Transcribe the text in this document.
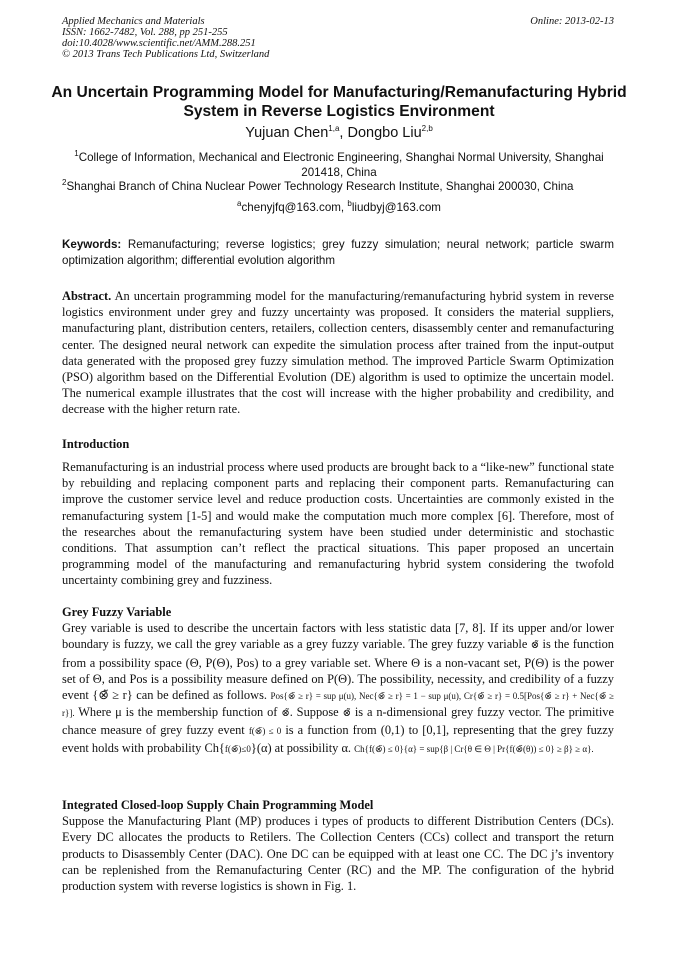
Applied Mechanics and Materials
ISSN: 1662-7482, Vol. 288, pp 251-255
doi:10.4028/www.scientific.net/AMM.288.251
© 2013 Trans Tech Publications Ltd, Switzerland
Online: 2013-02-13
An Uncertain Programming Model for Manufacturing/Remanufacturing Hybrid System in Reverse Logistics Environment
Yujuan Chen$^{1,a}$, Dongbo Liu$^{2,b}$
$^1$College of Information, Mechanical and Electronic Engineering, Shanghai Normal University, Shanghai 201418, China
$^2$Shanghai Branch of China Nuclear Power Technology Research Institute, Shanghai 200030, China
$^a$chenyjfq@163.com, $^b$liudbyj@163.com
Keywords: Remanufacturing; reverse logistics; grey fuzzy simulation; neural network; particle swarm optimization algorithm; differential evolution algorithm
Abstract. An uncertain programming model for the manufacturing/remanufacturing hybrid system in reverse logistics environment under grey and fuzzy uncertainty was proposed. It considers the material suppliers, manufacturing plant, distribution centers, retailers, collection centers, disassembly center and remanufacturing center. The designed neural network can expedite the simulation process after trained from the input-output data generated with the proposed grey fuzzy simulation method. The improved Particle Swarm Optimization (PSO) algorithm based on the Differential Evolution (DE) algorithm is used to optimize the uncertain model. The numerical example illustrates that the cost will increase with the higher probability and credibility, and decrease with the higher return rate.
Introduction
Remanufacturing is an industrial process where used products are brought back to a “like-new” functional state by rebuilding and replacing component parts and replacing their component parts. Remanufacturing can improve the customer service level and reduce production costs. Uncertainties are commonly existed in the remanufacturing system [1-5] and would make the computation much more complex [6]. Therefore, most of the researches about the remanufacturing system have been studied under deterministic and stochastic conditions. That assumption can’t reflect the practical situations. This paper proposed an uncertain programming model of the manufacturing and remanufacturing hybrid system considering the twofold uncertainty combining grey and fuzziness.
Grey Fuzzy Variable
Grey variable is used to describe the uncertain factors with less statistic data [7, 8]. If its upper and/or lower boundary is fuzzy, we call the grey variable as a grey fuzzy variable. The grey fuzzy variable ⊗̃ is the function from a possibility space (Θ, P(Θ), Pos) to a grey variable set. Where Θ is a non-vacant set, P(Θ) is the power set of Θ, and Pos is a possibility measure defined on P(Θ). The possibility, necessity, and credibility of a fuzzy event {⊗̃ ≥ r} can be defined as follows. Pos{⊗̃ ≥ r} = sup μ(u), Nec{⊗̃ ≥ r} = 1 − sup μ(u), Cr{⊗̃ ≥ r} = 0.5[Pos{⊗̃ ≥ r} + Nec{⊗̃ ≥ r}]. Where μ is the membership function of ⊗̃. Suppose ⊗̃ is a n-dimensional grey fuzzy vector. The primitive chance measure of grey fuzzy event f(⊗̃) ≤ 0 is a function from (0,1) to [0,1], representing that the grey fuzzy event holds with probability Ch{f(⊗̃)≤0}(α) at possibility α. Ch{f(⊗̃) ≤ 0}{α} = sup{β | Cr{θ ∈ Θ | Pr{f(⊗̃(θ)) ≤ 0} ≥ β} ≥ α}.
Integrated Closed-loop Supply Chain Programming Model
Suppose the Manufacturing Plant (MP) produces i types of products to different Distribution Centers (DCs). Every DC allocates the products to Retilers. The Collection Centers (CCs) collect and transport the return products to Disassembly Center (DAC). One DC can be equipped with at least one CC. The DC j’s inventory can be replenished from the Remanufacturing Center (RC) and the MP. The configuration of the hybrid production system with reverse logistics is shown in Fig. 1.
